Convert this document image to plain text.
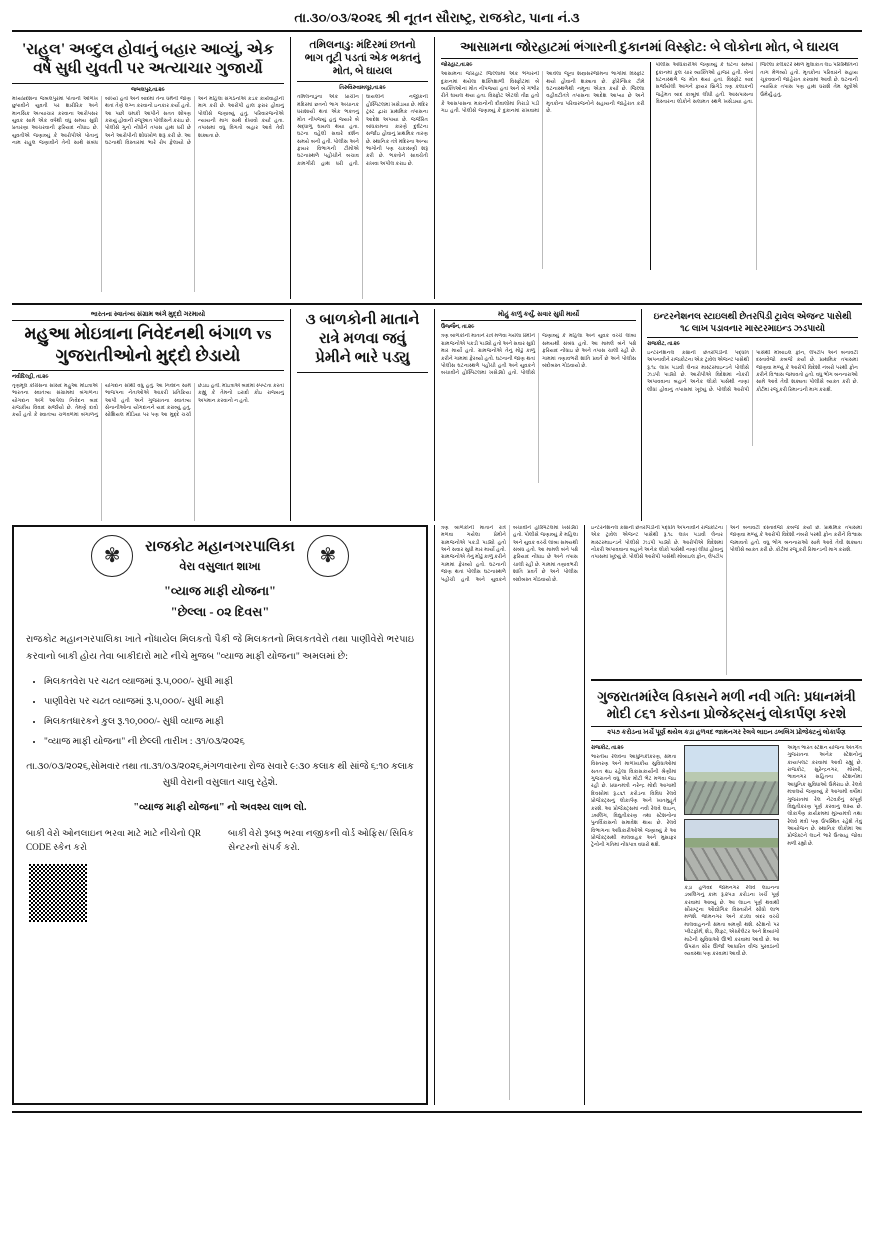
તા.૩૦/૦૩/૨૦૨૬ શ્રી નૂતન સૌરાષ્ટ્ર, રાજકોટ, પાના નં.૩
'રાહુલ' અબ્દુલ હોવાનું બહાર આવ્યું, એક વર્ષ સુધી યુવતી પર અત્યાચાર ગુજાર્યો
જબલપુર,તા.૨૯
મધ્યપ્રદેશના જબલપુરમાં પોતાની ઓળખ છુપાવીને યુવતી પર શારીરિક અને માનસિક અત્યાચાર કરવાના આરોપસર યુવક સામે એક વર્ષથી વધુ સમય સુધી પ્રતારણા આચરવાની ફરિયાદ નોંધાઇ છે. યુવતીએ જણાવ્યું કે આરોપીએ પોતાનું નામ રાહુલ જણાવીને તેની સાથે સંબંધ બાંધ્યો હતો અને બાદમાં તેના ધર્મની જાણ થતાં તેણે લગ્ન કરવાનો ઇનકાર કર્યો હતો. આ પછી ધમકી આપીને સતત શોષણ કરાયું હોવાની રજૂઆત પોલીસને કરાઇ છે. પોલીસે ગુનો નોંધીને તપાસ હાથ ધરી છે અને આરોપીની શોધખોળ શરૂ કરી છે. આ ઘટનાથી વિસ્તારમાં ભારે રોષ ફેલાયો છે અને મહિલા સંગઠનોએ કડક કાર્યવાહીની માગ કરી છે. આરોપી હાલ ફરાર હોવાનું પોલીસે જણાવ્યું હતું. પરિવારજનોએ ન્યાયની માગ સાથે દેખાવો કર્યા હતા. તપાસમાં વધુ વિગતો બહાર આવે તેવી શક્યતા છે.
તમિલનાડુ: મંદિરમાં છતનો ભાગ તૂટી પડતાં એક ભક્તનું મોત, બે ઘાયલ
તિરુવિરુવામલૂર,તા.૨૯
તમિલનાડુના એક પ્રાચીન મંદિરમાં છતનો ભાગ અચાનક ધરાશાયી થતાં એક ભક્તનું મોત નીપજ્યું હતું જ્યારે બે શ્રદ્ધાળુ ઘાયલ થયા હતા. ઘટના વહેલી સવારે દર્શન સમયે બની હતી. પોલીસ અને ફાયર વિભાગની ટીમોએ ઘટનાસ્થળે પહોંચીને બચાવ કામગીરી હાથ ધરી હતી. ઘાયલોને નજીકની હોસ્પિટલમાં ખસેડાયા છે. મંદિર ટ્રસ્ટ દ્વારા પ્રાથમિક તપાસના આદેશ અપાયા છે. જર્જરિત બાંધકામના કારણે દુર્ઘટના સર્જાઇ હોવાનું પ્રાથમિક તારણ છે. સ્થાનિક તંત્રે મંદિરના અન્ય ભાગોની પણ ચકાસણી શરૂ કરી છે. ભક્તોને સાવચેતી રાખવા અપીલ કરાઇ છે.
આસામના જોરહાટમાં ભંગારની દુકાનમાં વિસ્ફોટ: બે લોકોના મોત, બે ઘાયલ
જોરહાટ,તા.૨૯
આસામના જોરહાટ જિલ્લામાં એક ભંગારની દુકાનમાં થયેલા શક્તિશાળી વિસ્ફોટમાં બે વ્યક્તિઓનાં મોત નીપજ્યાં હતાં અને બે ગંભીર રીતે ઘાયલ થયા હતા. વિસ્ફોટ એટલો તીવ્ર હતો કે આસપાસના મકાનોની દીવાલોમાં તિરાડો પડી ગઇ હતી. પોલીસે જણાવ્યું કે દુકાનમાં રાખવામાં આવેલા જૂના શસ્ત્રસરંજામના ભાગોમાં વિસ્ફોટ થયો હોવાની શક્યતા છે. ફોરેન્સિક ટીમે ઘટનાસ્થળેથી નમૂના એકત્ર કર્યા છે. જિલ્લા વહીવટીતંત્રે તપાસના આદેશ આપ્યા છે અને મૃતકોના પરિવારજનોને સહાયની જાહેરાત કરી છે.
પોલીસ અધિકારીએ જણાવ્યું કે ઘટના સમયે દુકાનમાં કુલ ચાર વ્યક્તિઓ હાજર હતી. બેનાં ઘટનાસ્થળે જ મોત થયાં હતાં. વિસ્ફોટ બાદ સર્જાયેલી આગને ફાયર બ્રિગેડે ત્રણ કલાકની જહેમત બાદ કાબૂમાં લીધી હતી. આસપાસના વિસ્તારના લોકોને સલામત સ્થળે ખસેડાયા હતા. જિલ્લા કલેક્ટરે સ્થળ મુલાકાત લઇ પરિસ્થિતિનો તાગ મેળવ્યો હતો. મૃતકોના પરિવારને સહાય ચૂકવવાની જાહેરાત કરવામાં આવી છે. ઘટનાની ન્યાયિક તપાસ પણ હાથ ધરાશે તેમ સૂત્રોએ ઉમેર્યું હતું.
ભારતના સ્વાતંત્ર્ય સંગ્રામ અંગે મુદ્દો ગરમાયો
મહુઆ મોઇત્રાના નિવેદનથી બંગાળ vs ગુજરાતીઓનો મુદ્દો છેડાયો
નવીદિલ્હી, તા.૨૯
તૃણમૂલ કોંગ્રેસના સાંસદ મહુઆ મોઇત્રાએ ભારતના સ્વાતંત્ર્ય સંગ્રામમાં બંગાળના યોગદાન અંગે આપેલા નિવેદન બાદ રાજકીય વિવાદ સર્જાયો છે. તેમણે દાવો કર્યો હતો કે સ્વાતંત્ર્ય ચળવળમાં બંગાળનું યોગદાન સૌથી વધુ હતું. આ નિવેદન સામે ભાજપના નેતાઓએ આકરી પ્રતિક્રિયા આપી હતી અને ગુજરાતના સ્વાતંત્ર્ય સેનાનીઓના યોગદાનને યાદ કરાવ્યું હતું. સોશિયલ મીડિયા પર પણ આ મુદ્દે ચર્ચા છેડાઇ હતી. મોઇત્રાએ બાદમાં સ્પષ્ટતા કરતાં કહ્યું કે તેમનો ઇરાદો કોઇ રાજ્યનું અપમાન કરવાનો ન હતો.
૩ બાળકોની માતાને રાત્રે મળવા જવું પ્રેમીને ભારે પડ્યુ
મોહું કાળું કર્યું, સવાર સુધી માર્યો
ઉજ્જૈન, તા.૨૯
ત્રણ બાળકોની માતાને રાત્રે મળવા ગયેલા પ્રેમીને ગ્રામજનોએ પકડી પાડ્યો હતો અને સવાર સુધી માર માર્યો હતો. ગ્રામજનોએ તેનું મોઢું કાળું કરીને ગામમાં ફેરવ્યો હતો. ઘટનાની જાણ થતાં પોલીસ ઘટનાસ્થળે પહોંચી હતી અને યુવકને બચાવીને હોસ્પિટલમાં ખસેડ્યો હતો. પોલીસે જણાવ્યું કે મહિલા અને યુવક વચ્ચે લાંબા સમયથી સંબંધ હતો. આ મામલે બંને પક્ષે ફરિયાદ નોંધાઇ છે અને તપાસ ચાલી રહી છે. ગામમાં તણાવભરી શાંતિ પ્રવર્તે છે અને પોલીસ બંદોબસ્ત ગોઠવાયો છે.
ઇન્ટરનેશનલ સ્ટાઇલથી છેતરપિંડી ટ્રાવેલ એજન્ટ પાસેથી ૧૮ લાખ પડાવનાર માસ્ટરમાઇન્ડ ઝડપાયો
રાજકોટ, તા.૨૯
ઇન્ટરનેશનલ કક્ષાની છેતરપિંડીની પદ્ધતિ અપનાવીને રાજકોટના એક ટ્રાવેલ એજન્ટ પાસેથી રૂ.૧૮ લાખ પડાવી લેનાર માસ્ટરમાઇન્ડને પોલીસે ઝડપી પાડ્યો છે. આરોપીએ વિદેશમાં નોકરી અપાવવાના બહાને અનેક લોકો પાસેથી નાણાં લીધાં હોવાનું તપાસમાં ખૂલ્યું છે. પોલીસે આરોપી પાસેથી મોબાઇલ ફોન, લેપટોપ અને બનાવટી દસ્તાવેજો કબજે કર્યા છે. પ્રાથમિક તપાસમાં જાણવા મળ્યું કે આરોપી વિદેશી નંબરો પરથી ફોન કરીને વિશ્વાસ જમાવતો હતો. વધુ ભોગ બનનારાઓ સામે આવે તેવી શક્યતા પોલીસે વ્યક્ત કરી છે. કોર્ટમાં રજૂ કરી રિમાન્ડની માગ કરાશે.
✾	રાજકોટ મહાનગરપાલિકા
વેરા વસુલાત શાખા	✾
"વ્યાજ માફી યોજના"
"છેલ્લા - ૦૨ દિવસ"
રાજકોટ મહાનગરપાલિકા ખાતે નોંધાયેલ મિલકતો પૈકી જે મિલકતનો મિલકતવેરો તથા પાણીવેરો ભરપાઇ કરવાનો બાકી હોય તેવા બાકીદારો માટે નીચે મુજબ "વ્યાજ માફી યોજના" અમલમાં છે:
• મિલકતવેરા પર ચઢત વ્યાજમાં રૂ.૫,૦૦૦/- સુધી માફી
• પાણીવેરા પર ચઢત વ્યાજમાં રૂ.૫,૦૦૦/- સુધી માફી
• મિલકતધારકને કુલ રૂ.૧૦,૦૦૦/- સુધી વ્યાજ માફી
• "વ્યાજ માફી યોજના" ની છેલ્લી તારીખ : ૩૧/૦૩/૨૦૨૬
તા.૩૦/૦૩/૨૦૨૬,સોમવાર તથા તા.૩૧/૦૩/૨૦૨૬,મંગળવારના રોજ સવારે ૯:૩૦ કલાક થી સાંજે ૬:૧૦ કલાક સુધી વેરાની વસુલાત ચાલુ રહેશે.
"વ્યાજ માફી યોજના" નો અવશ્ય લાભ લો.
બાકી વેરો ઓનલાઇન ભરવા માટે માટે નીચેનો QR CODE સ્કેન કરો
બાકી વેરો રૂબરૂ ભરવા નજીકની વોર્ડ ઓફિસ/ સિવિક સેન્ટરનો સંપર્ક કરો.
ત્રણ બાળકોની માતાને રાત્રે મળવા ગયેલા પ્રેમીને ગ્રામજનોએ પકડી પાડ્યો હતો અને સવાર સુધી માર માર્યો હતો. ગ્રામજનોએ તેનું મોઢું કાળું કરીને ગામમાં ફેરવ્યો હતો. ઘટનાની જાણ થતાં પોલીસ ઘટનાસ્થળે પહોંચી હતી અને યુવકને બચાવીને હોસ્પિટલમાં ખસેડ્યો હતો. પોલીસે જણાવ્યું કે મહિલા અને યુવક વચ્ચે લાંબા સમયથી સંબંધ હતો. આ મામલે બંને પક્ષે ફરિયાદ નોંધાઇ છે અને તપાસ ચાલી રહી છે. ગામમાં તણાવભરી શાંતિ પ્રવર્તે છે અને પોલીસ બંદોબસ્ત ગોઠવાયો છે.
ઇન્ટરનેશનલ કક્ષાની છેતરપિંડીની પદ્ધતિ અપનાવીને રાજકોટના એક ટ્રાવેલ એજન્ટ પાસેથી રૂ.૧૮ લાખ પડાવી લેનાર માસ્ટરમાઇન્ડને પોલીસે ઝડપી પાડ્યો છે. આરોપીએ વિદેશમાં નોકરી અપાવવાના બહાને અનેક લોકો પાસેથી નાણાં લીધાં હોવાનું તપાસમાં ખૂલ્યું છે. પોલીસે આરોપી પાસેથી મોબાઇલ ફોન, લેપટોપ અને બનાવટી દસ્તાવેજો કબજે કર્યા છે. પ્રાથમિક તપાસમાં જાણવા મળ્યું કે આરોપી વિદેશી નંબરો પરથી ફોન કરીને વિશ્વાસ જમાવતો હતો. વધુ ભોગ બનનારાઓ સામે આવે તેવી શક્યતા પોલીસે વ્યક્ત કરી છે. કોર્ટમાં રજૂ કરી રિમાન્ડની માગ કરાશે.
ગુજરાતમાંરેલ વિકાસને મળી નવી ગતિ: પ્રધાનમંત્રી મોદી ૮૬૧ કરોડના પ્રોજેક્ટ્સનું લોકાર્પણ કરશે
૨૫૭ કરોડના ખર્ચે પૂર્ણ થયેલ કડ઼ા હળવદ જામનગર રેલવે લાઇન ડબલિંગ પ્રોજેક્ટનું લોકાર્પણ
રાજકોટ, તા.૨૯
ભારતીય રેલવેના આધુનિકીકરણ, ક્ષમતા વિસ્તરણ અને માળખાકીય સુવિધાઓમાં સતત થઇ રહેલા વિકાસકાર્યોની શ્રેણીમાં ગુજરાતને વધુ એક મોટી ભેટ મળવા જઇ રહી છે. પ્રધાનમંત્રી નરેન્દ્ર મોદી આગામી દિવસોમાં રૂ.૮૬૧ કરોડના વિવિધ રેલવે પ્રોજેક્ટ્સનું લોકાર્પણ અને ખાતમુહૂર્ત કરશે. આ પ્રોજેક્ટ્સમાં નવી રેલવે લાઇન, ડબલિંગ, વિદ્યુતીકરણ તથા સ્ટેશનોના પુનર્વિકાસનો સમાવેશ થાય છે. રેલવે વિભાગના અધિકારીઓએ જણાવ્યું કે આ પ્રોજેક્ટ્સથી માલવાહક અને મુસાફર ટ્રેનોની ગતિમાં નોંધપાત્ર વધારો થશે.
કડ઼ા હળવદ જામનગર રેલવે લાઇનના ડબલિંગનું કામ રૂ.૨૫૭ કરોડના ખર્ચે પૂર્ણ કરવામાં આવ્યું છે. આ લાઇન પૂર્ણ થવાથી સૌરાષ્ટ્રના ઔદ્યોગિક વિસ્તારોને સીધો લાભ મળશે. જામનગર અને કંડલા બંદર વચ્ચે માલવાહનની ક્ષમતા બમણી થશે. સ્ટેશનો પર પ્લેટફોર્મ, શેડ, લિફ્ટ, એસ્કેલેટર અને દિવ્યાંગો માટેની સુવિધાઓ ઊભી કરવામાં આવી છે. આ ઉપરાંત સૌર ઊર્જા આધારિત વીજ પુરવઠાની વ્યવસ્થા પણ કરવામાં આવી છે.
અમૃત ભારત સ્ટેશન યોજના અંતર્ગત ગુજરાતના અનેક સ્ટેશનોનું કાયાપલટ કરવામાં આવી રહ્યું છે. રાજકોટ, સુરેન્દ્રનગર, મોરબી, ભાવનગર સહિતના સ્ટેશનોમાં આધુનિક સુવિધાઓ ઉમેરાઇ છે. રેલવે મંત્રાલયે જણાવ્યું કે આગામી વર્ષોમાં ગુજરાતમાં રેલ નેટવર્કનું સંપૂર્ણ વિદ્યુતીકરણ પૂર્ણ કરવાનું લક્ષ્ય છે. લોકાર્પણ કાર્યક્રમમાં મુખ્યમંત્રી તથા રેલવે મંત્રી પણ ઉપસ્થિત રહેશે તેવું આયોજન છે. સ્થાનિક લોકોમાં આ પ્રોજેક્ટને લઇને ભારે ઉત્સાહ જોવા મળી રહ્યો છે.
